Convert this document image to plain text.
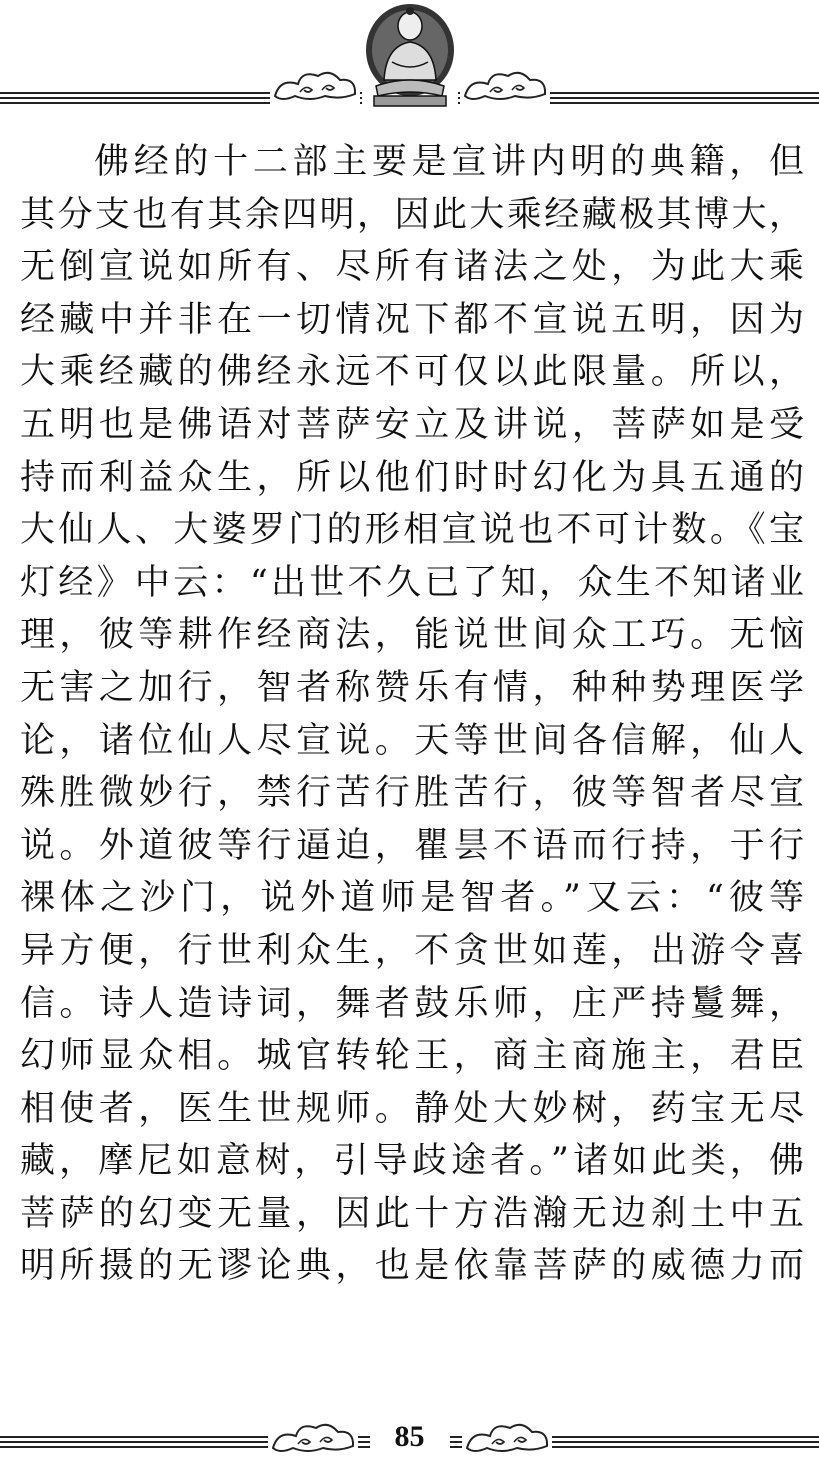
佛经的十二部主要是宣讲内明的典籍，但
其分支也有其余四明，因此大乘经藏极其博大，
无倒宣说如所有、尽所有诸法之处，为此大乘
经藏中并非在一切情况下都不宣说五明，因为
大乘经藏的佛经永远不可仅以此限量。所以，
五明也是佛语对菩萨安立及讲说，菩萨如是受
持而利益众生，所以他们时时幻化为具五通的
大仙人、大婆罗门的形相宣说也不可计数。《宝
灯经》中云：“出世不久已了知，众生不知诸业
理，彼等耕作经商法，能说世间众工巧。无恼
无害之加行，智者称赞乐有情，种种势理医学
论，诸位仙人尽宣说。天等世间各信解，仙人
殊胜微妙行，禁行苦行胜苦行，彼等智者尽宣
说。外道彼等行逼迫，瞿昙不语而行持，于行
裸体之沙门，说外道师是智者。”又云：“彼等
异方便，行世利众生，不贪世如莲，出游令喜
信。诗人造诗词，舞者鼓乐师，庄严持鬘舞，
幻师显众相。城官转轮王，商主商施主，君臣
相使者，医生世规师。静处大妙树，药宝无尽
藏，摩尼如意树，引导歧途者。”诸如此类，佛
菩萨的幻变无量，因此十方浩瀚无边刹土中五
明所摄的无谬论典，也是依靠菩萨的威德力而
85
